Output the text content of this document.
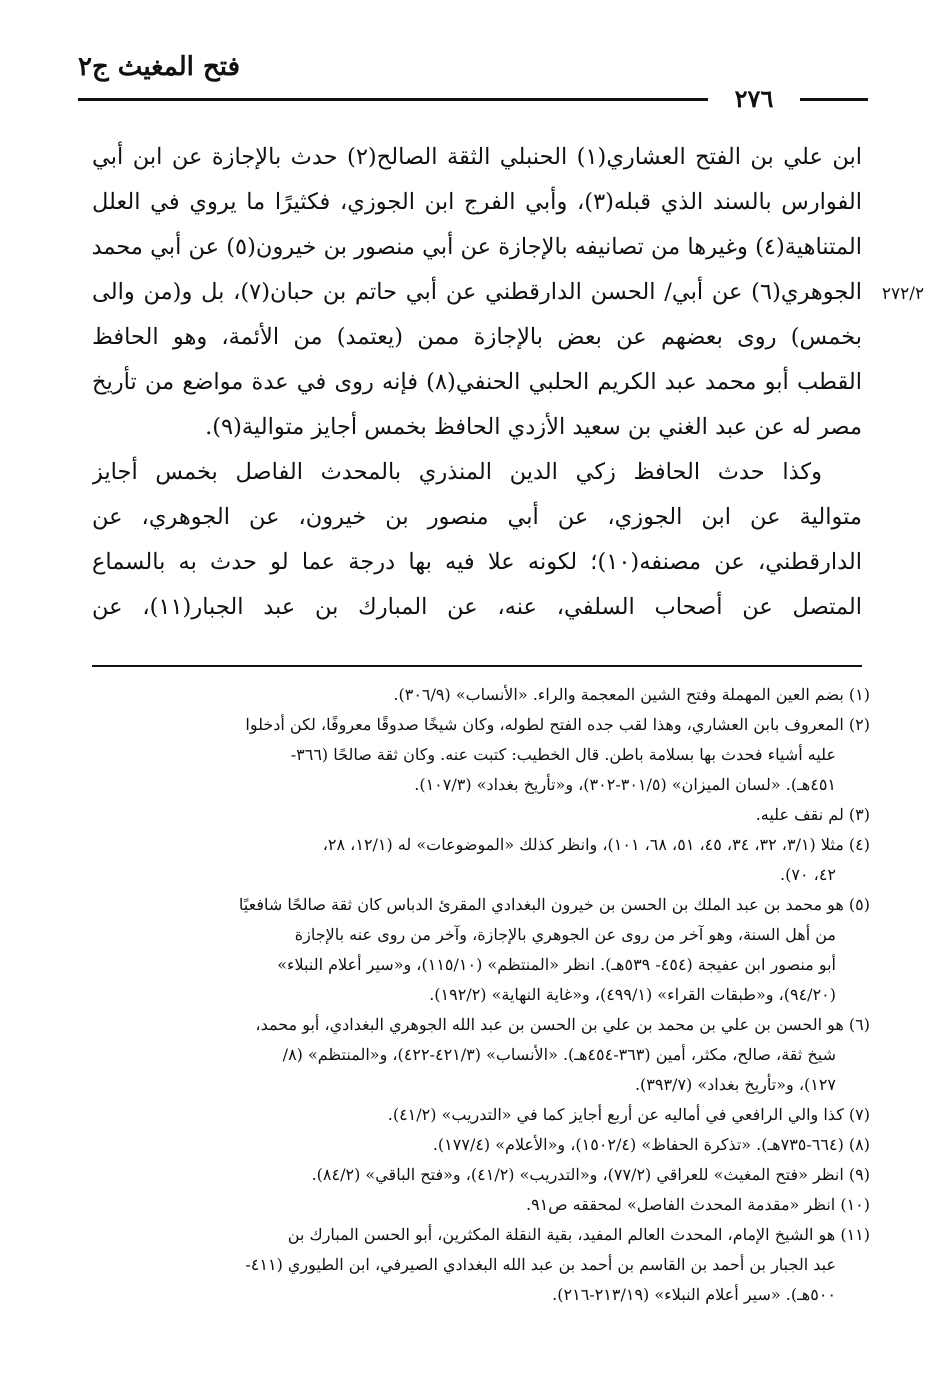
فتح المغيث ج٢
٢٧٦
٢٧٢/٢
ابن علي بن الفتح العشاري(١) الحنبلي الثقة الصالح(٢) حدث بالإجازة عن ابن أبي
الفوارس بالسند الذي قبله(٣)، وأبي الفرج ابن الجوزي، فكثيرًا ما يروي في العلل
المتناهية(٤) وغيرها من تصانيفه بالإجازة عن أبي منصور بن خيرون(٥) عن أبي محمد
الجوهري(٦) عن أبي/ الحسن الدارقطني عن أبي حاتم بن حبان(٧)، بل و(من والى
بخمس) روى بعضهم عن بعض بالإجازة ممن (يعتمد) من الأئمة، وهو الحافظ
القطب أبو محمد عبد الكريم الحلبي الحنفي(٨) فإنه روى في عدة مواضع من تأريخ
مصر له عن عبد الغني بن سعيد الأزدي الحافظ بخمس أجايز متوالية(٩).
وكذا حدث الحافظ زكي الدين المنذري بالمحدث الفاصل بخمس أجايز
متوالية عن ابن الجوزي، عن أبي منصور بن خيرون، عن الجوهري، عن
الدارقطني، عن مصنفه(١٠)؛ لكونه علا فيه بها درجة عما لو حدث به بالسماع
المتصل عن أصحاب السلفي، عنه، عن المبارك بن عبد الجبار(١١)، عن
(١) بضم العين المهملة وفتح الشين المعجمة والراء. «الأنساب» (٣٠٦/٩).
(٢) المعروف بابن العشاري، وهذا لقب جده الفتح لطوله، وكان شيخًا صدوقًا معروفًا، لكن أدخلوا
عليه أشياء فحدث بها بسلامة باطن. قال الخطيب: كتبت عنه. وكان ثقة صالحًا (٣٦٦-
٤٥١هـ). «لسان الميزان» (٣٠١/٥-٣٠٢)، و«تأريخ بغداد» (١٠٧/٣).
(٣) لم نقف عليه.
(٤) مثلا (٣/١، ٣٢، ٣٤، ٤٥، ٥١، ٦٨، ١٠١)، وانظر كذلك «الموضوعات» له (١٢/١، ٢٨،
٤٢، ٧٠).
(٥) هو محمد بن عبد الملك بن الحسن بن خيرون البغدادي المقرئ الدباس كان ثقة صالحًا شافعيًا
من أهل السنة، وهو آخر من روى عن الجوهري بالإجازة، وآخر من روى عنه بالإجازة
أبو منصور ابن عفيجة (٤٥٤- ٥٣٩هـ). انظر «المنتظم» (١١٥/١٠)، و«سير أعلام النبلاء»
(٩٤/٢٠)، و«طبقات القراء» (٤٩٩/١)، و«غاية النهاية» (١٩٢/٢).
(٦) هو الحسن بن علي بن محمد بن علي بن الحسن بن عبد الله الجوهري البغدادي، أبو محمد،
شيخ ثقة، صالح، مكثر، أمين (٣٦٣-٤٥٤هـ). «الأنساب» (٤٢١/٣-٤٢٢)، و«المنتظم» (٨/
١٢٧)، و«تأريخ بغداد» (٣٩٣/٧).
(٧) كذا والي الرافعي في أماليه عن أربع أجايز كما في «التدريب» (٤١/٢).
(٨) (٦٦٤-٧٣٥هـ). «تذكرة الحفاظ» (١٥٠٢/٤)، و«الأعلام» (١٧٧/٤).
(٩) انظر «فتح المغيث» للعراقي (٧٧/٢)، و«التدريب» (٤١/٢)، و«فتح الباقي» (٨٤/٢).
(١٠) انظر «مقدمة المحدث الفاصل» لمحققه ص٩١.
(١١) هو الشيخ الإمام، المحدث العالم المفيد، بقية النقلة المكثرين، أبو الحسن المبارك بن
عبد الجبار بن أحمد بن القاسم بن أحمد بن عبد الله البغدادي الصيرفي، ابن الطيوري (٤١١-
٥٠٠هـ). «سير أعلام النبلاء» (٢١٣/١٩-٢١٦).
